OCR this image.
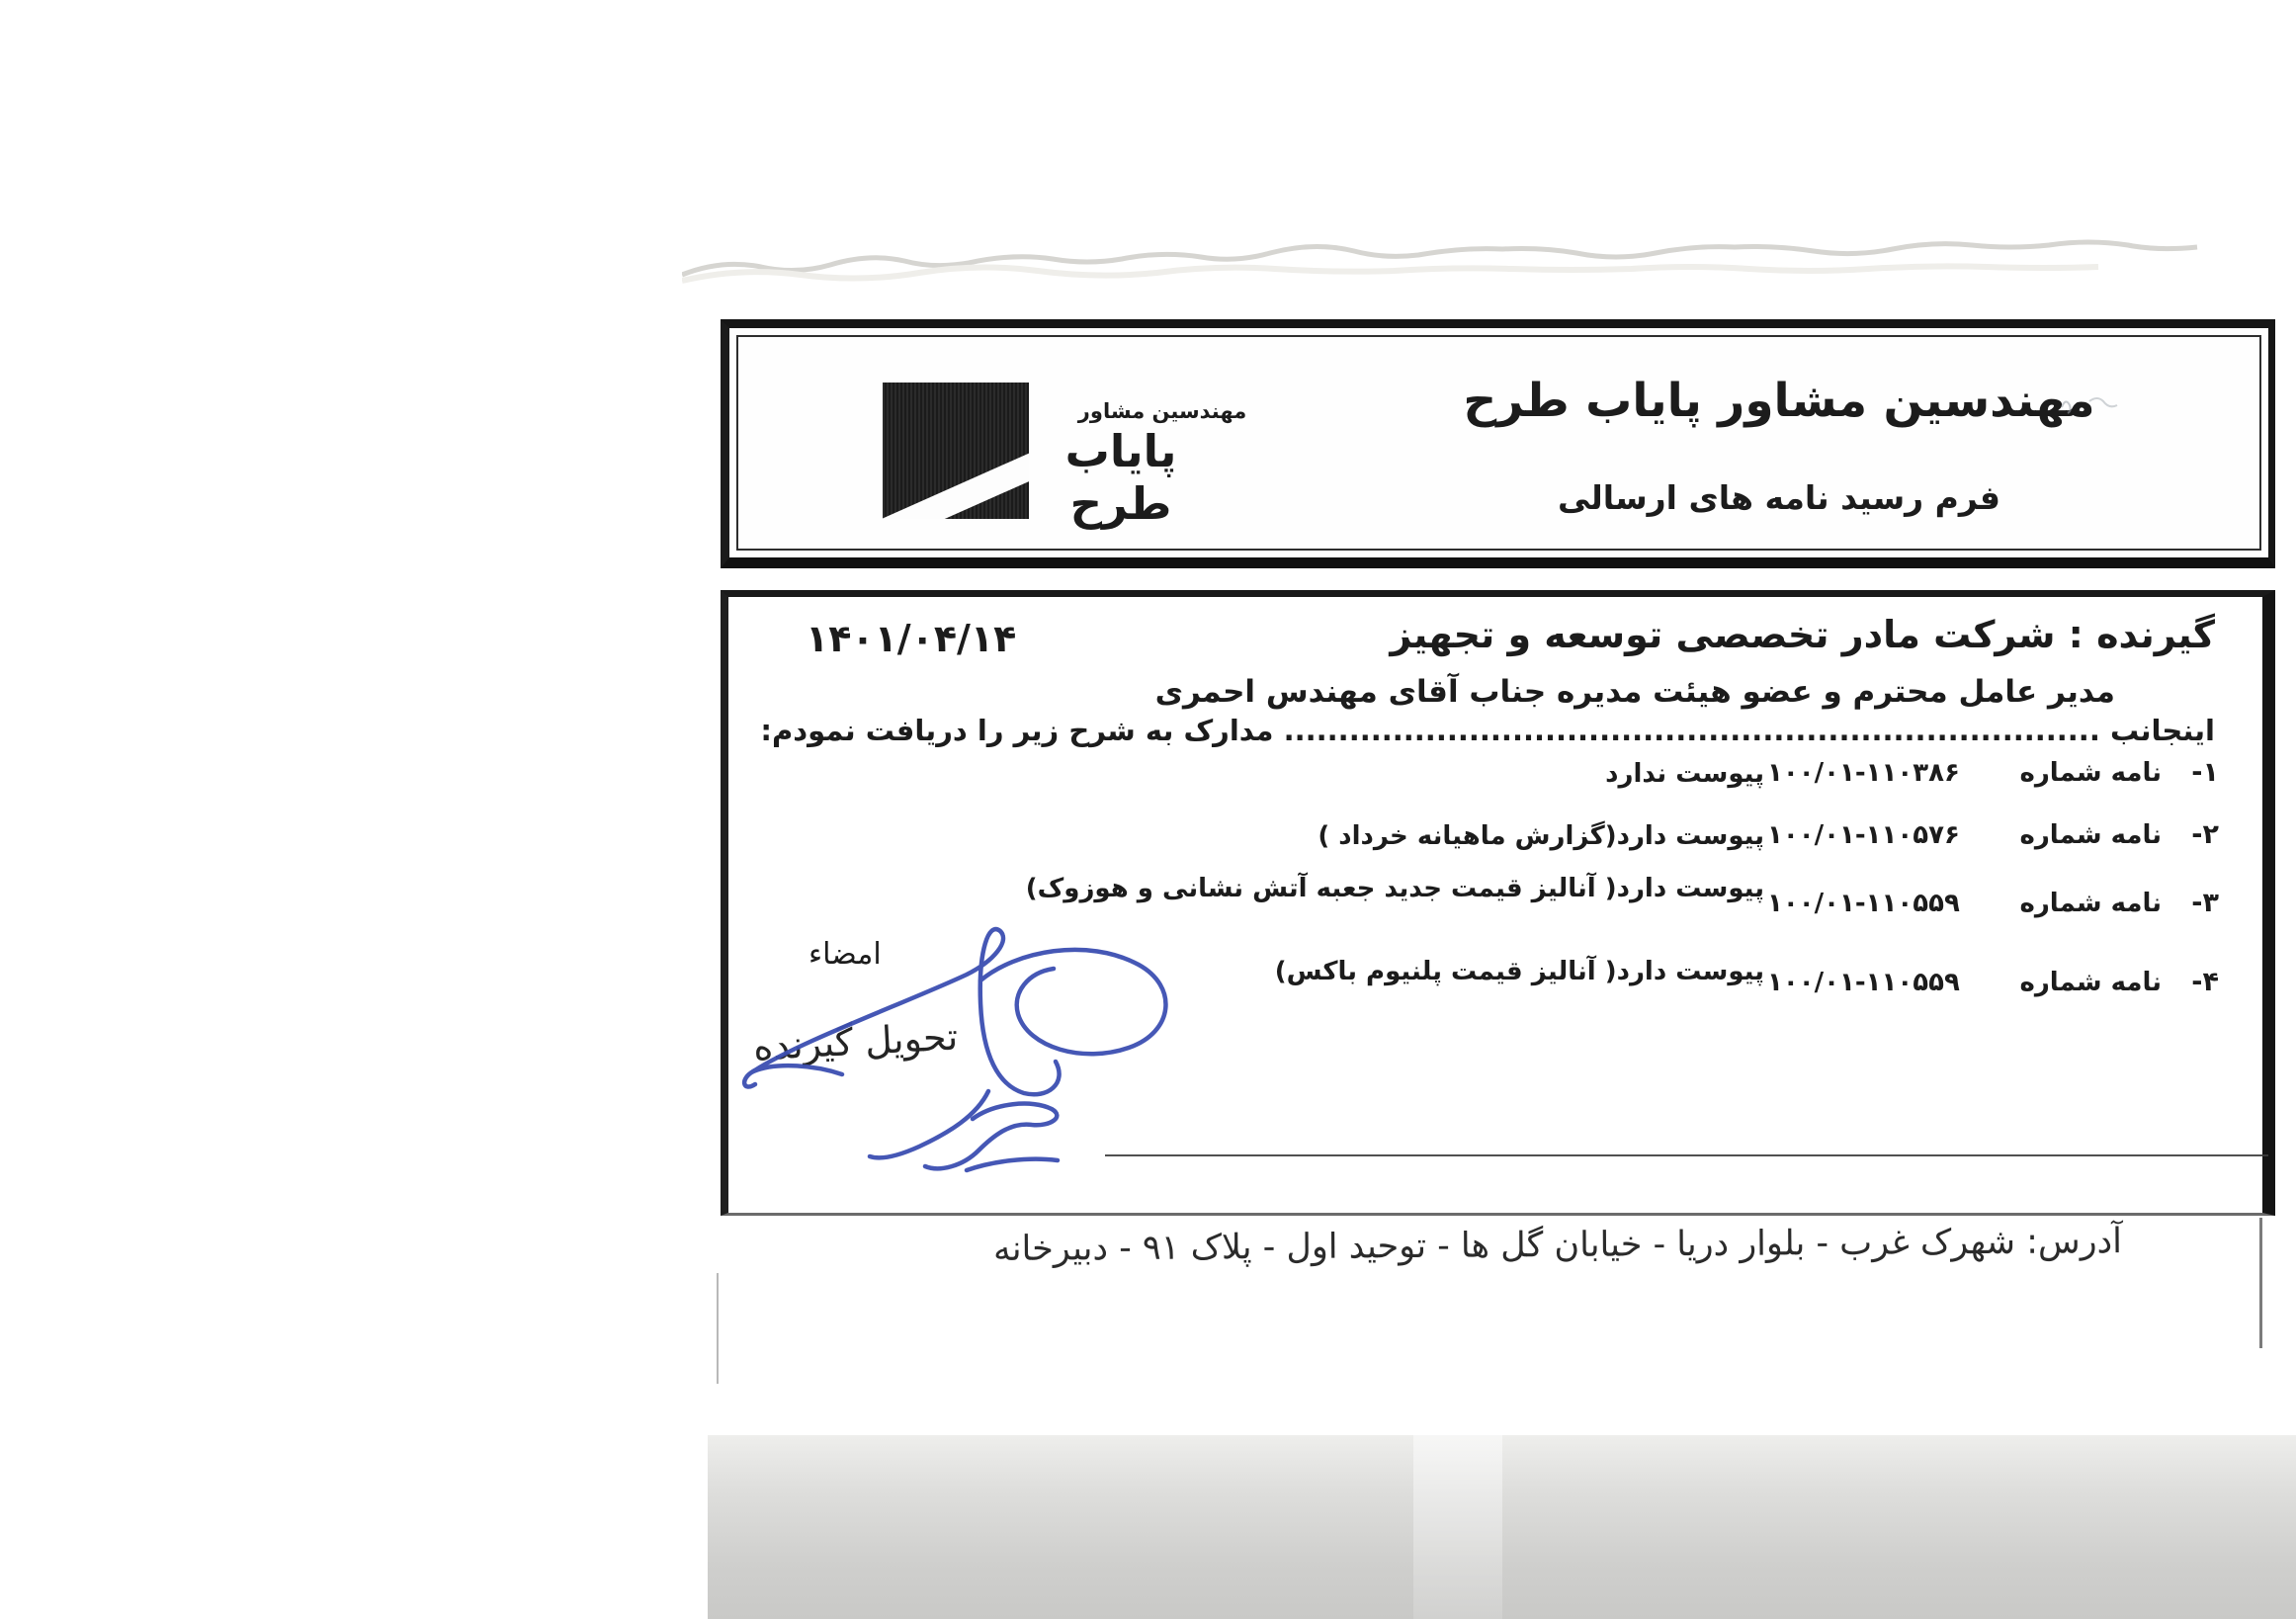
مهندسین مشاور
پایاب طرح
مهندسین مشاور پایاب طرح
فرم رسید نامه های ارسالی
۱۴۰۱/۰۴/۱۴	گیرنده : شرکت مادر تخصصی توسعه و تجهیز
مدیر عامل محترم و عضو هیئت مدیره جناب آقای مهندس احمری
اینجانب ........................................................................... مدارک به شرح زیر را دریافت نمودم:
۱-
نامه شماره
۱۰۰/۰۱-۱۱۰۳۸۶
پیوست ندارد
۲-
نامه شماره
۱۰۰/۰۱-۱۱۰۵۷۶
پیوست دارد(گزارش ماهیانه خرداد )
۳-
نامه شماره
۱۰۰/۰۱-۱۱۰۵۵۹
پیوست دارد( آنالیز قیمت جدید جعبه آتش نشانی و هوزوک)
۴-
نامه شماره
۱۰۰/۰۱-۱۱۰۵۵۹
پیوست دارد( آنالیز قیمت پلنیوم باکس)
امضاء
تحویل گیرنده
آدرس: شهرک غرب - بلوار دریا - خیابان گل ها - توحید اول - پلاک ۹۱ - دبیرخانه
